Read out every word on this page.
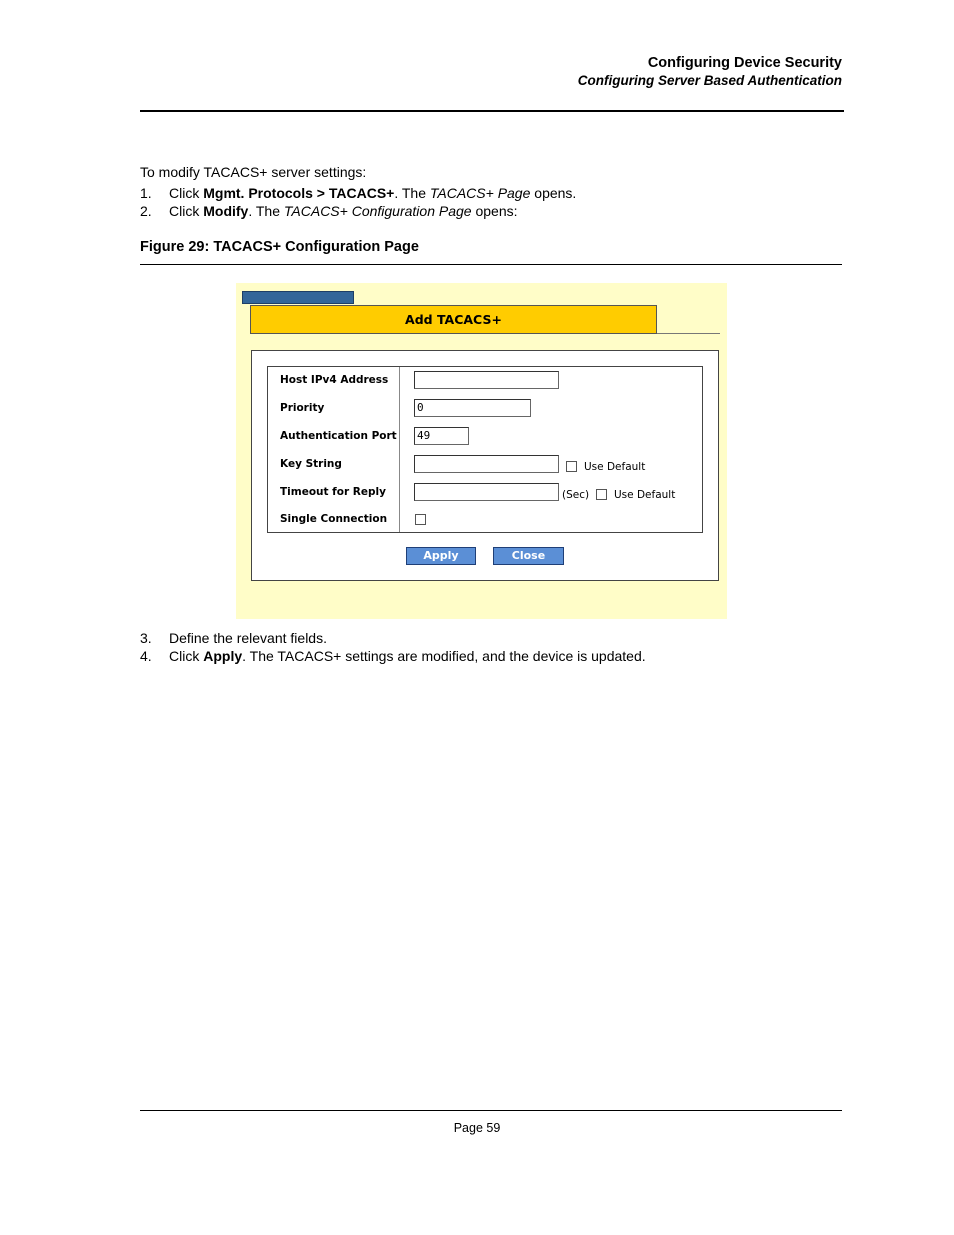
Configuring Device Security
Configuring Server Based Authentication
To modify TACACS+ server settings:
1. Click Mgmt. Protocols > TACACS+. The TACACS+ Page opens.
2. Click Modify. The TACACS+ Configuration Page opens:
Figure 29: TACACS+ Configuration Page
Add TACACS+
Host IPv4 Address
Priority	0
Authentication Port 49
Key String	Use Default
Timeout for Reply	(Sec) Use Default
Single Connection
Apply	Close
3. Define the relevant fields.
4. Click Apply. The TACACS+ settings are modified, and the device is updated.
Page 59
